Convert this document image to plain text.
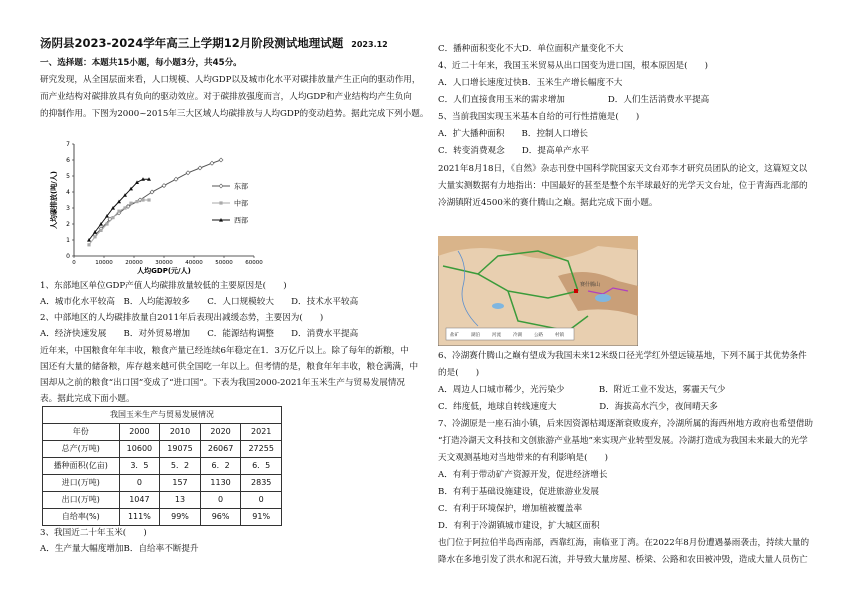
汤阴县2023-2024学年高三上学期12月阶段测试地理试题 2023.12
一、选择题：本题共15小题，每小题3分，共45分。
研究发现，从全国层面来看，人口规模、人均GDP以及城市化水平对碳排放量产生正向的驱动作用，
而产业结构对碳排放具有负向的驱动效应。对于碳排放强度而言，人均GDP和产业结构均产生负向
的抑制作用。下图为2000~2015年三大区域人均碳排放与人均GDP的变动趋势。据此完成下列小题。
0
1
2
3
4
5
6
7
0	10000 20000 30000 40000 50000 60000
人均GDP(元/人)
人均碳排放(吨/人)	东部
中部
西部
1、东部地区单位GDP产值人均碳排放量较低的主要原因是(　　)
A．城市化水平较高　B．人均能源较多　　C．人口规模较大　　D．技术水平较高
2、中部地区的人均碳排放量自2011年后表现出减缓态势，主要因为(　　)
A．经济快速发展　　B．对外贸易增加　　C．能源结构调整　　D．消费水平提高
近年来，中国粮食年年丰收，粮食产量已经连续6年稳定在1．3万亿斤以上。除了每年的新粮，中
国还有大量的储备粮，库存越来越可供全国吃一年以上。但考情的是，粮食年年丰收，粮仓满满，中
国却从之前的粮食“出口国”变成了“进口国”。下表为我国2000-2021年玉米生产与贸易发展情况
表。据此完成下面小题。
我国玉米生产与贸易发展情况				
年份	2000	2010	2020	2021
总产(万吨)	10600	19075	26067	27255
播种面积(亿亩)	3．5	5．2	6．2	6．5
进口(万吨)	0	157	1130	2835
出口(万吨)	1047	13	0	0
自给率(%)	111%	99%	96%	91%
3、我国近二十年玉米(　　)
A．生产量大幅度增加B．自给率不断提升
C．播种面积变化不大D．单位面积产量变化不大
4、近二十年来，我国玉米贸易从出口国变为进口国，根本原因是(　　)
A．人口增长速度过快B．玉米生产增长幅度不大
C．人们直接食用玉米的需求增加　　　　　D．人们生活消费水平提高
5、当前我国实现玉米基本自给的可行性措施是(　　)
A．扩大播种面积　　B．控制人口增长
C．转变消费观念　　D．提高单产水平
2021年8月18日，《自然》杂志刊登中国科学院国家天文台邓李才研究员团队的论文，这篇短文以
大量实测数据有力地指出：中国最好的甚至是整个东半球最好的光学天文台址，位于青海西北部的
冷湖镇附近4500米的赛什腾山之巅。据此完成下面小题。
赛什腾山
盐矿	湖泊	河流	冷湖	公路	村镇
6、冷湖赛什腾山之巅有望成为我国未来12米级口径光学红外望远镜基地，下列不属于其优势条件
的是(　　)
A．周边人口城市稀少，光污染少　　　　B．附近工业不发达，雾霾天气少
C．纬度低，地球自转线速度大　　　　　D．海拔高水汽少，夜间晴天多
7、冷湖原是一座石油小镇，后来因资源枯竭逐渐衰败废弃，冷湖所属的海西州地方政府也希望借助
“打造冷湖天文科技和文创旅游产业基地”来实现产业转型发展。冷湖打造成为我国未来最大的光学
天文观测基地对当地带来的有利影响是(　　)
A．有利于带动矿产资源开发，促进经济增长
B．有利于基础设施建设，促进旅游业发展
C．有利于环境保护，增加植被覆盖率
D．有利于冷湖镇城市建设，扩大城区面积
也门位于阿拉伯半岛西南部，西靠红海，南临亚丁湾。在2022年8月份遭遇暴雨袭击，持续大量的
降水在多地引发了洪水和泥石流，并导致大量房屋、桥梁、公路和农田被冲毁，造成大量人员伤亡
